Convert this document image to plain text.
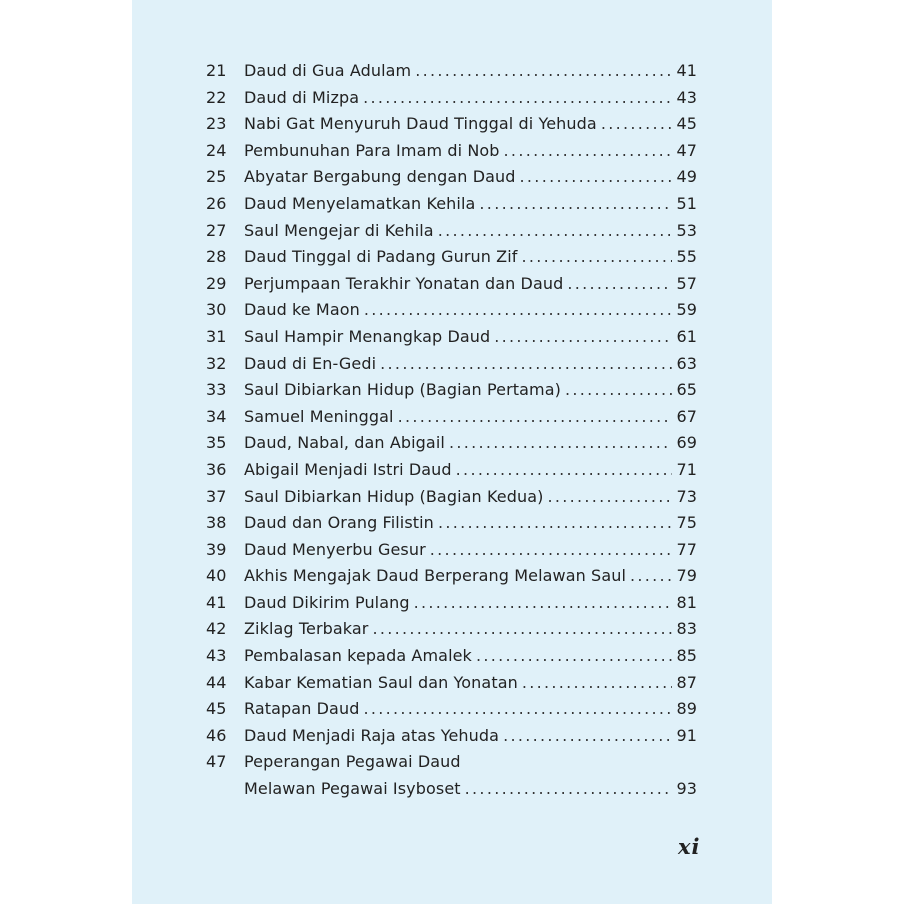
21 Daud di Gua Adulam .....	41
22 Daud di Mizpa .....	43
23 Nabi Gat Menyuruh Daud Tinggal di Yehuda .....	45
24 Pembunuhan Para Imam di Nob .....	47
25 Abyatar Bergabung dengan Daud .....	49
26 Daud Menyelamatkan Kehila .....	51
27 Saul Mengejar di Kehila .....	53
28 Daud Tinggal di Padang Gurun Zif .....	55
29 Perjumpaan Terakhir Yonatan dan Daud .....	57
30 Daud ke Maon .....	59
31 Saul Hampir Menangkap Daud .....	61
32 Daud di En-Gedi .....	63
33 Saul Dibiarkan Hidup (Bagian Pertama) .....	65
34 Samuel Meninggal .....	67
35 Daud, Nabal, dan Abigail .....	69
36 Abigail Menjadi Istri Daud .....	71
37 Saul Dibiarkan Hidup (Bagian Kedua) .....	73
38 Daud dan Orang Filistin .....	75
39 Daud Menyerbu Gesur .....	77
40 Akhis Mengajak Daud Berperang Melawan Saul .....	79
41 Daud Dikirim Pulang .....	81
42 Ziklag Terbakar .....	83
43 Pembalasan kepada Amalek .....	85
44 Kabar Kematian Saul dan Yonatan .....	87
45 Ratapan Daud .....	89
46 Daud Menjadi Raja atas Yehuda .....	91
47 Peperangan Pegawai Daud
Melawan Pegawai Isyboset .....	93
xi
